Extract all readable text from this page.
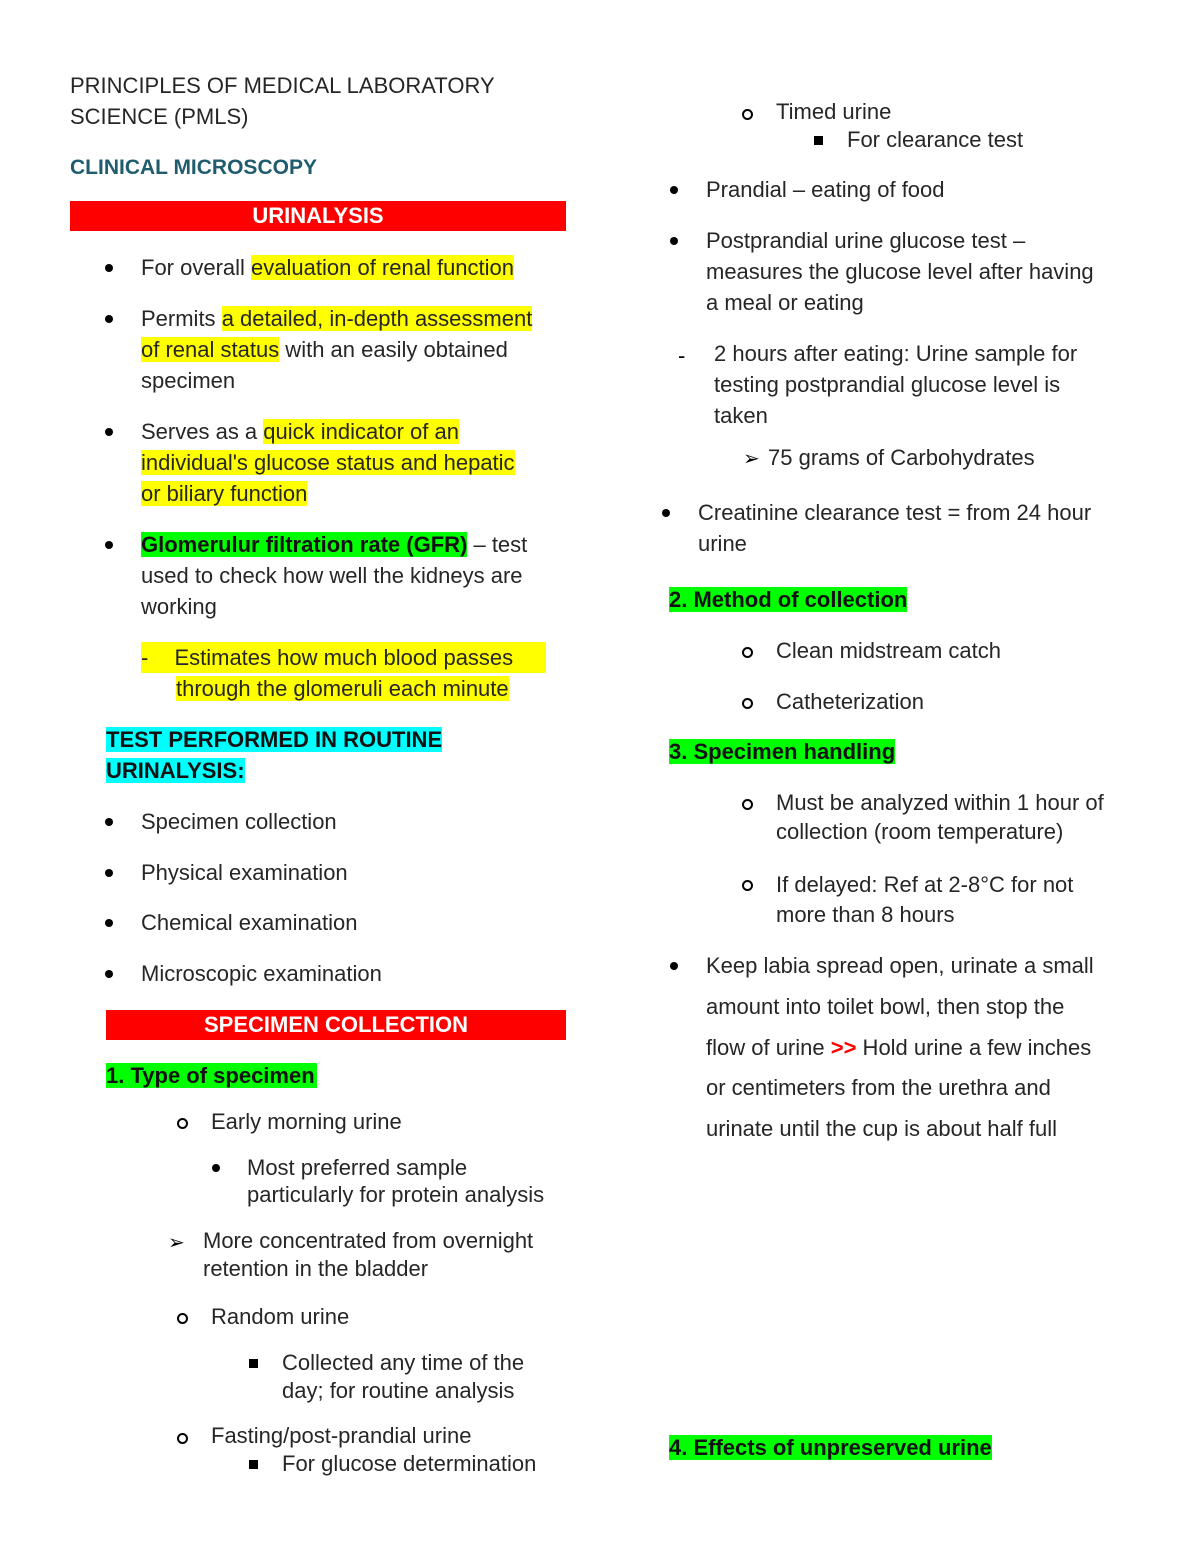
PRINCIPLES OF MEDICAL LABORATORY
SCIENCE (PMLS)
CLINICAL MICROSCOPY
URINALYSIS
For overall evaluation of renal function
Permits a detailed, in-depth assessment
of renal status with an easily obtained
specimen
Serves as a quick indicator of an
individual's glucose status and hepatic
or biliary function
Glomerulur filtration rate (GFR) – test
used to check how well the kidneys are
working
- Estimates how much blood passes
through the glomeruli each minute
TEST PERFORMED IN ROUTINE
URINALYSIS:
Specimen collection
Physical examination
Chemical examination
Microscopic examination
SPECIMEN COLLECTION
1. Type of specimen
Early morning urine
Most preferred sample
particularly for protein analysis
➢ More concentrated from overnight
retention in the bladder
Random urine
Collected any time of the
day; for routine analysis
Fasting/post-prandial urine
For glucose determination
Timed urine
For clearance test
Prandial – eating of food
Postprandial urine glucose test –
measures the glucose level after having
a meal or eating
- 2 hours after eating: Urine sample for
testing postprandial glucose level is
taken
➢ 75 grams of Carbohydrates
Creatinine clearance test = from 24 hour
urine
2. Method of collection
Clean midstream catch
Catheterization
3. Specimen handling
Must be analyzed within 1 hour of
collection (room temperature)
If delayed: Ref at 2-8°C for not
more than 8 hours
Keep labia spread open, urinate a small
amount into toilet bowl, then stop the
flow of urine >> Hold urine a few inches
or centimeters from the urethra and
urinate until the cup is about half full
4. Effects of unpreserved urine
